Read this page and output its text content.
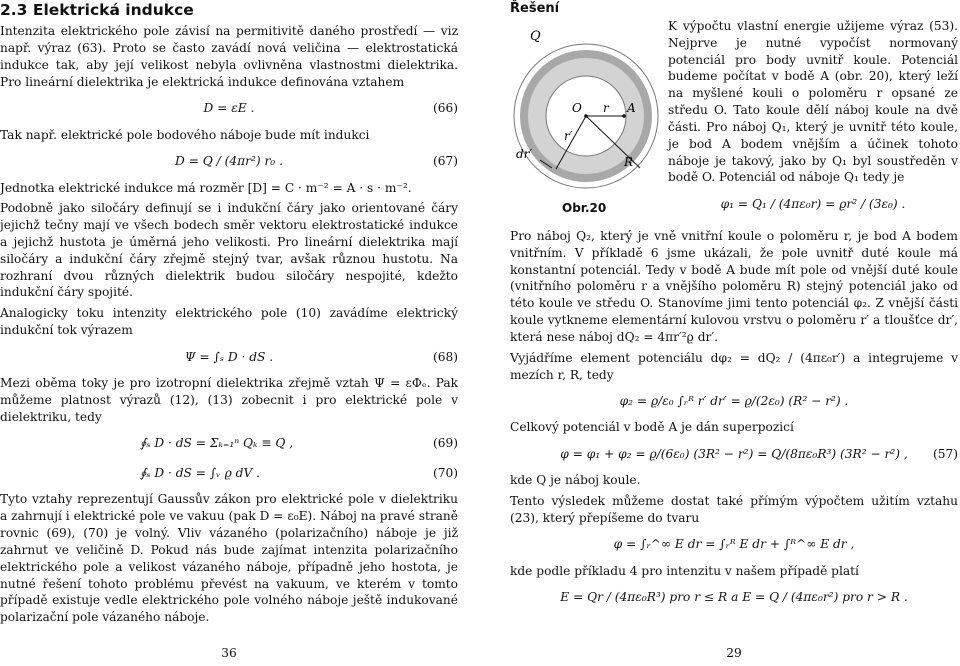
2.3 Elektrická indukce

Intenzita elektrického pole závisí na permitivitě daného prostředí — viz např. výraz (63). Proto se často zavádí nová veličina — elektrostatická indukce tak, aby její velikost nebyla ovlivněna vlastnostmi dielektrika. Pro lineární dielektrika je elektrická indukce definována vztahem

D = εE .	(66)

Tak např. elektrické pole bodového náboje bude mít indukci

D = Q / (4πr²) r₀ .	(67)

Jednotka elektrické indukce má rozměr [D] = C · m⁻² = A · s · m⁻².

Podobně jako siločáry definují se i indukční čáry jako orientované čáry jejichž tečny mají ve všech bodech směr vektoru elektrostatické indukce a jejichž hustota je úměrná jeho velikosti. Pro lineární dielektrika mají siločáry a indukční čáry zřejmě stejný tvar, avšak různou hustotu. Na rozhraní dvou různých dielektrik budou siločáry nespojité, kdežto indukční čáry spojité.

Analogicky toku intenzity elektrického pole (10) zavádíme elektrický indukční tok výrazem

Ψ = ∫ₛ D · dS .	(68)

Mezi oběma toky je pro izotropní dielektrika zřejmě vztah Ψ = εΦₑ. Pak můžeme platnost výrazů (12), (13) zobecnit i pro elektrické pole v dielektriku, tedy

∮ₛ D · dS = Σₖ₌₁ⁿ Qₖ ≡ Q ,	(69)
∮ₛ D · dS = ∫ᵥ ϱ dV .	(70)

Tyto vztahy reprezentují Gaussův zákon pro elektrické pole v dielektriku a zahrnují i elektrické pole ve vakuu (pak D = ε₀E). Náboj na pravé straně rovnic (69), (70) je volný. Vliv vázaného (polarizačního) náboje je již zahrnut ve veličině D. Pokud nás bude zajímat intenzita polarizačního elektrického pole a velikost vázaného náboje, případně jeho hostota, je nutné řešení tohoto problému převést na vakuum, ve kterém v tomto případě existuje vedle elektrického pole volného náboje ještě indukované polarizační pole vázaného náboje.

36
Řešení
Q
O r A
r′
R
dr′
Obr.20

K výpočtu vlastní energie užijeme výraz (53). Nejprve je nutné vypočíst normovaný potenciál pro body uvnitř koule. Potenciál budeme počítat v bodě A (obr. 20), který leží na myšlené kouli o poloměru r opsané ze středu O. Tato koule dělí náboj koule na dvě části. Pro náboj Q₁, který je uvnitř této koule, je bod A bodem vnějším a účinek tohoto náboje je takový, jako by Q₁ byl soustředěn v bodě O. Potenciál od náboje Q₁ tedy je

φ₁ = Q₁ / (4πε₀r) = ϱr² / (3ε₀) .

Pro náboj Q₂, který je vně vnitřní koule o poloměru r, je bod A bodem vnitřním. V příkladě 6 jsme ukázali, že pole uvnitř duté koule má konstantní potenciál. Tedy v bodě A bude mít pole od vnější duté koule (vnitřního poloměru r a vnějšího poloměru R) stejný potenciál jako od této koule ve středu O. Stanovíme jimi tento potenciál φ₂. Z vnější části koule vytkneme elementární kulovou vrstvu o poloměru r′ a tloušťce dr′, která nese náboj dQ₂ = 4πr′²ϱ dr′.

Vyjádříme element potenciálu dφ₂ = dQ₂ / (4πε₀r′) a integrujeme v mezích r, R, tedy

φ₂ = ϱ/ε₀ ∫ᵣᴿ r′ dr′ = ϱ/(2ε₀) (R² − r²) .

Celkový potenciál v bodě A je dán superpozicí

φ = φ₁ + φ₂ = ϱ/(6ε₀) (3R² − r²) = Q/(8πε₀R³) (3R² − r²) , (57)

kde Q je náboj koule.

Tento výsledek můžeme dostat také přímým výpočtem užitím vztahu (23), který přepíšeme do tvaru

φ = ∫ᵣ^∞ E dr = ∫ᵣᴿ E dr + ∫ᴿ^∞ E dr ,

kde podle příkladu 4 pro intenzitu v našem případě platí

E = Qr / (4πε₀R³) pro r ≤ R a E = Q / (4πε₀r²) pro r > R .
29
